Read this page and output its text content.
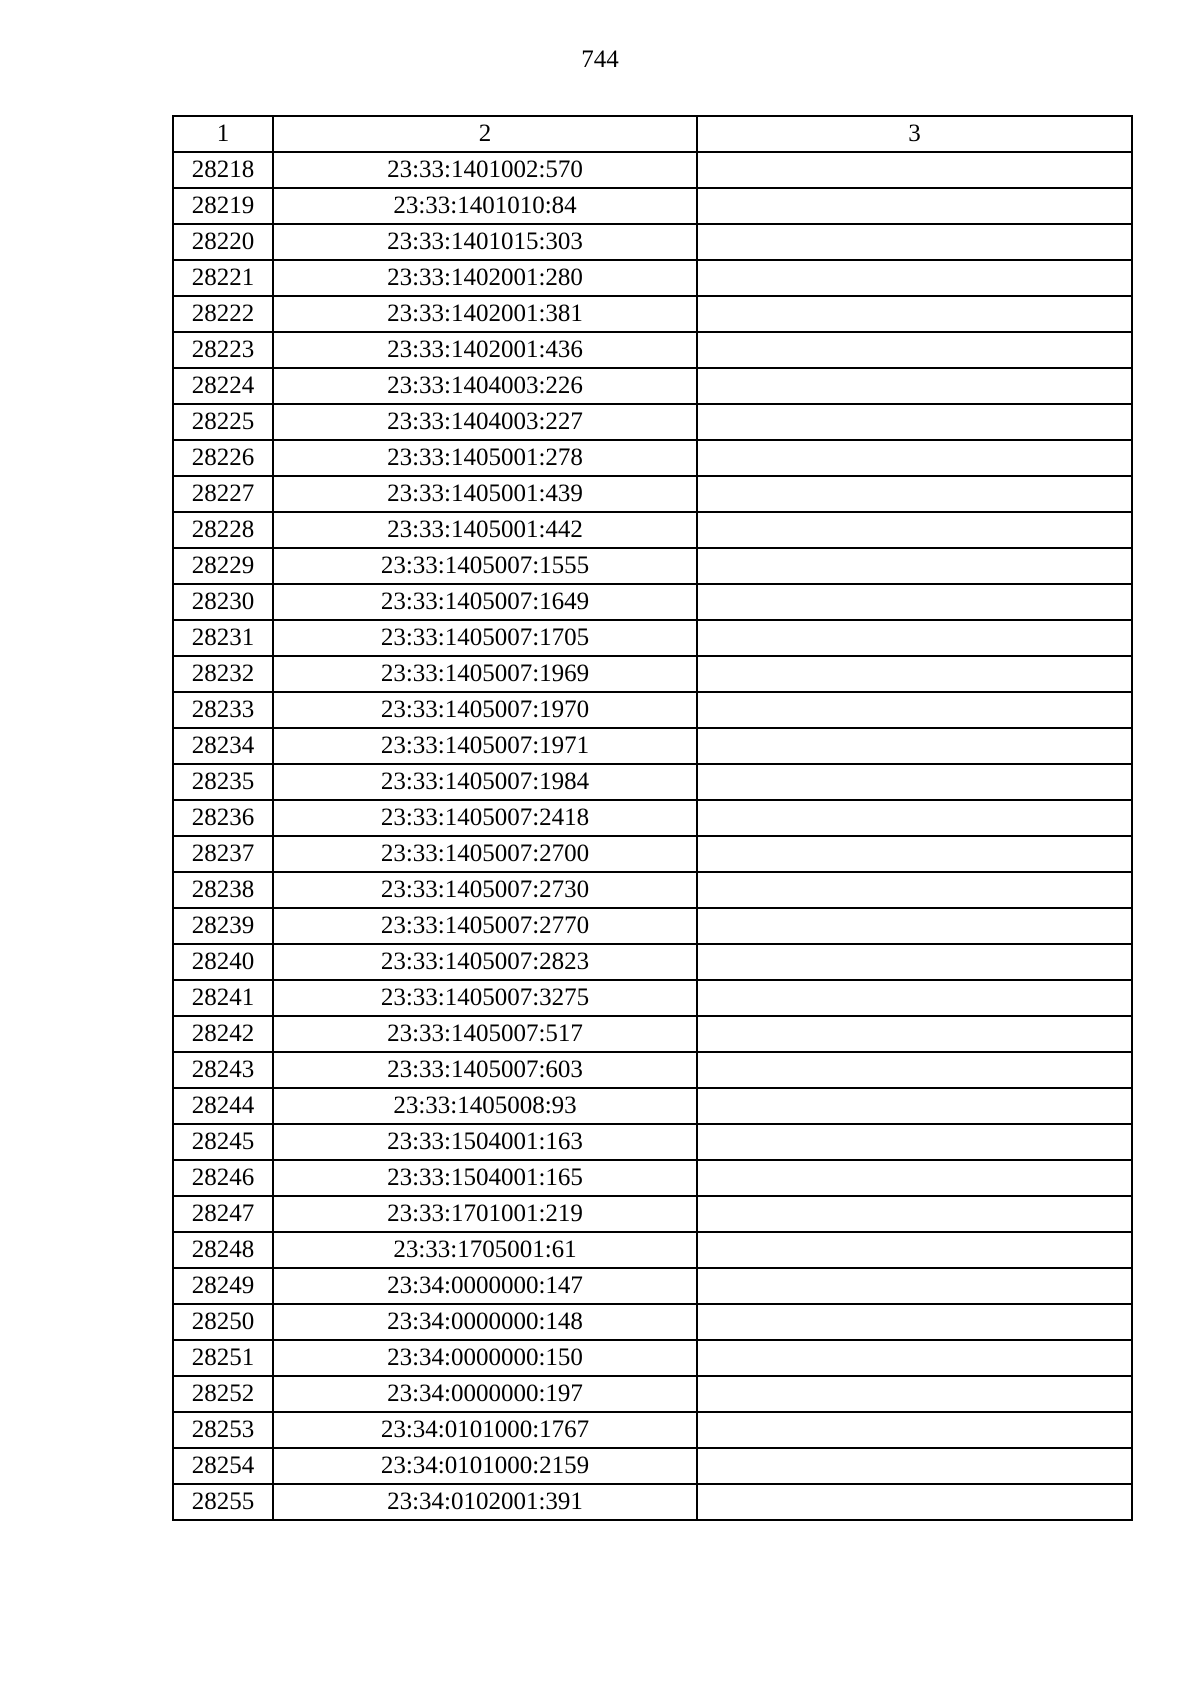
744
1	2	3
28218	23:33:1401002:570	
28219	23:33:1401010:84	
28220	23:33:1401015:303	
28221	23:33:1402001:280	
28222	23:33:1402001:381	
28223	23:33:1402001:436	
28224	23:33:1404003:226	
28225	23:33:1404003:227	
28226	23:33:1405001:278	
28227	23:33:1405001:439	
28228	23:33:1405001:442	
28229	23:33:1405007:1555	
28230	23:33:1405007:1649	
28231	23:33:1405007:1705	
28232	23:33:1405007:1969	
28233	23:33:1405007:1970	
28234	23:33:1405007:1971	
28235	23:33:1405007:1984	
28236	23:33:1405007:2418	
28237	23:33:1405007:2700	
28238	23:33:1405007:2730	
28239	23:33:1405007:2770	
28240	23:33:1405007:2823	
28241	23:33:1405007:3275	
28242	23:33:1405007:517	
28243	23:33:1405007:603	
28244	23:33:1405008:93	
28245	23:33:1504001:163	
28246	23:33:1504001:165	
28247	23:33:1701001:219	
28248	23:33:1705001:61	
28249	23:34:0000000:147	
28250	23:34:0000000:148	
28251	23:34:0000000:150	
28252	23:34:0000000:197	
28253	23:34:0101000:1767	
28254	23:34:0101000:2159	
28255	23:34:0102001:391	
